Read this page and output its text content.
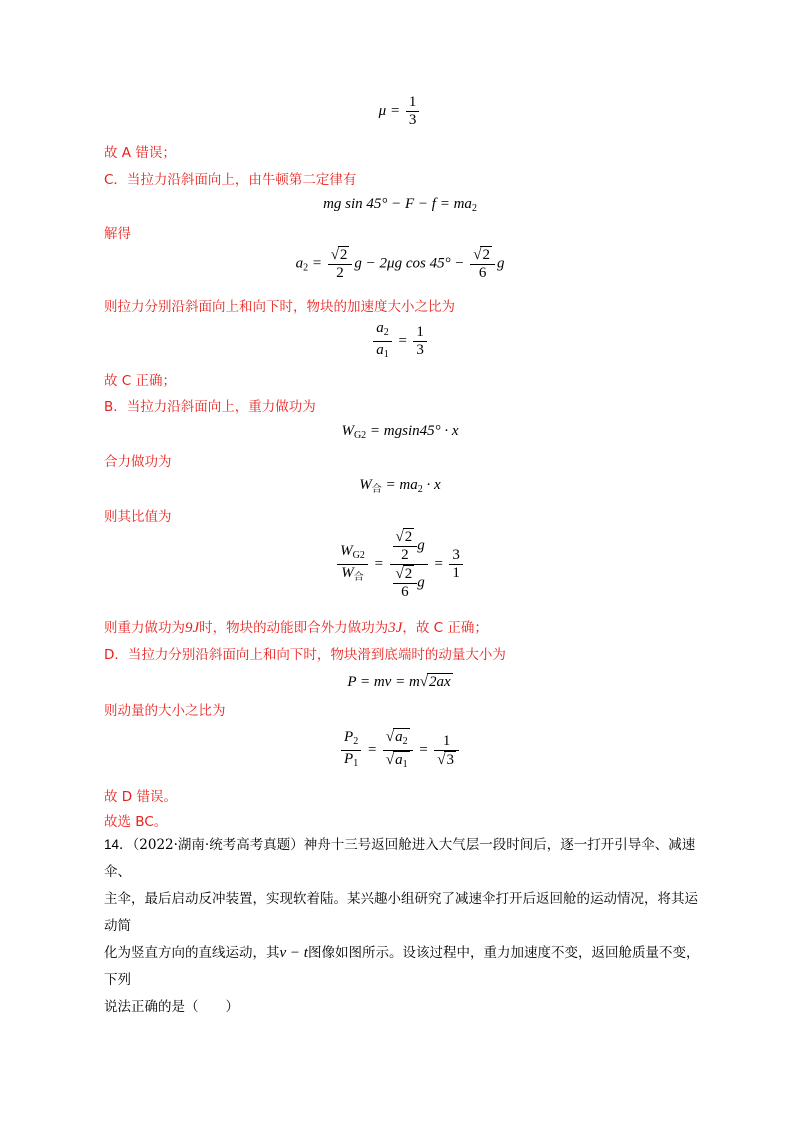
$\mu = \frac{1}{3}$
故 A 错误；
C．当拉力沿斜面向上，由牛顿第二定律有
mg $\sin 45^\circ - F - f = ma_2$
解得
$a_2 = \frac{√2}{2}$ g − 2μg $\cos 45^\circ - \frac{√2}{6}$ g
则拉力分别沿斜面向上和向下时，物块的加速度大小之比为
$\frac{a_2}{a_1} = \frac{1}{3}$
故 C 正确；
B．当拉力沿斜面向上，重力做功为
$W_{G2} = mgsin45^\circ \cdot x$
合力做功为
$W_合 = ma_2 \cdot x$
则其比值为
$\frac{W_{G2}}{W_合} = \frac{\frac{√2}{2} g}{\frac{√2}{6} g} = \frac{3}{1}$
则重力做功为9J时，物块的动能即合外力做功为3J，故 C 正确；
D．当拉力分别沿斜面向上和向下时，物块滑到底端时的动量大小为
P = mv = m√2ax
则动量的大小之比为
$\frac{P_2}{P_1} = \frac{√a_2}{√a_1} = \frac{1}{√3}$
故 D 错误。
故选 BC。
14．（2022·湖南·统考高考真题）神舟十三号返回舱进入大气层一段时间后，逐一打开引导伞、减速伞、
主伞，最后启动反冲装置，实现软着陆。某兴趣小组研究了减速伞打开后返回舱的运动情况，将其运动简
化为竖直方向的直线运动，其v − t图像如图所示。设该过程中，重力加速度不变，返回舱质量不变，下列
说法正确的是（　　）
